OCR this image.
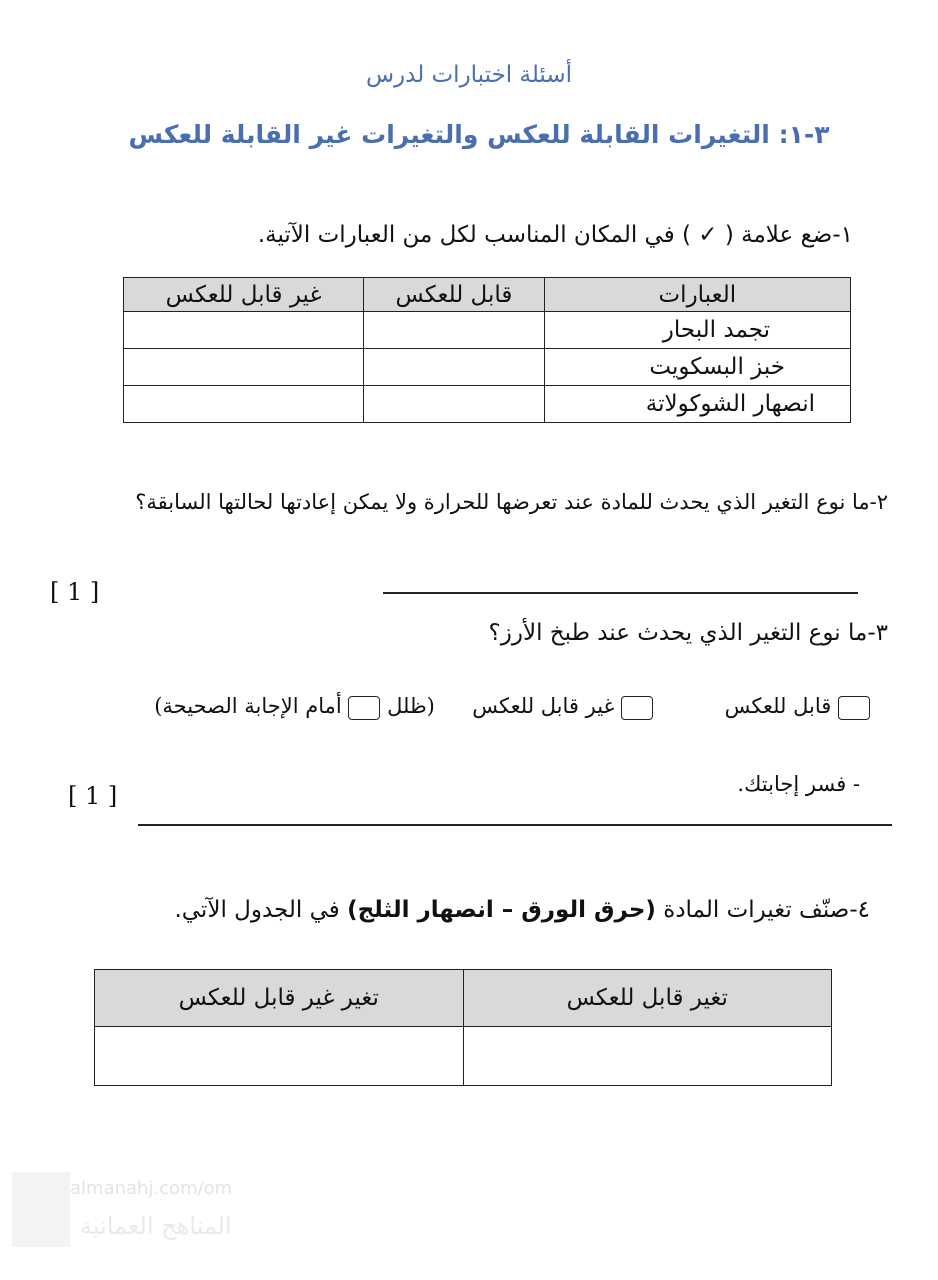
أسئلة اختبارات لدرس
٣-١: التغيرات القابلة للعكس والتغيرات غير القابلة للعكس
١-ضع علامة ( ✓ ) في المكان المناسب لكل من العبارات الآتية.
العبارات	قابل للعكس	غير قابل للعكس
تجمد البحار		
خبز البسكويت		
انصهار الشوكولاتة		
٢-ما نوع التغير الذي يحدث للمادة عند تعرضها للحرارة ولا يمكن إعادتها لحالتها السابقة؟
[ 1 ]
٣-ما نوع التغير الذي يحدث عند طبخ الأرز؟
قابل للعكس   غير قابل للعكس  (ظلل  أمام الإجابة الصحيحة)
- فسر إجابتك.
[ 1 ]
٤-صنّف تغيرات المادة (حرق الورق – انصهار الثلج) في الجدول الآتي.
تغير قابل للعكس	تغير غير قابل للعكس

almanahj.com/om
المناهج العمانية
